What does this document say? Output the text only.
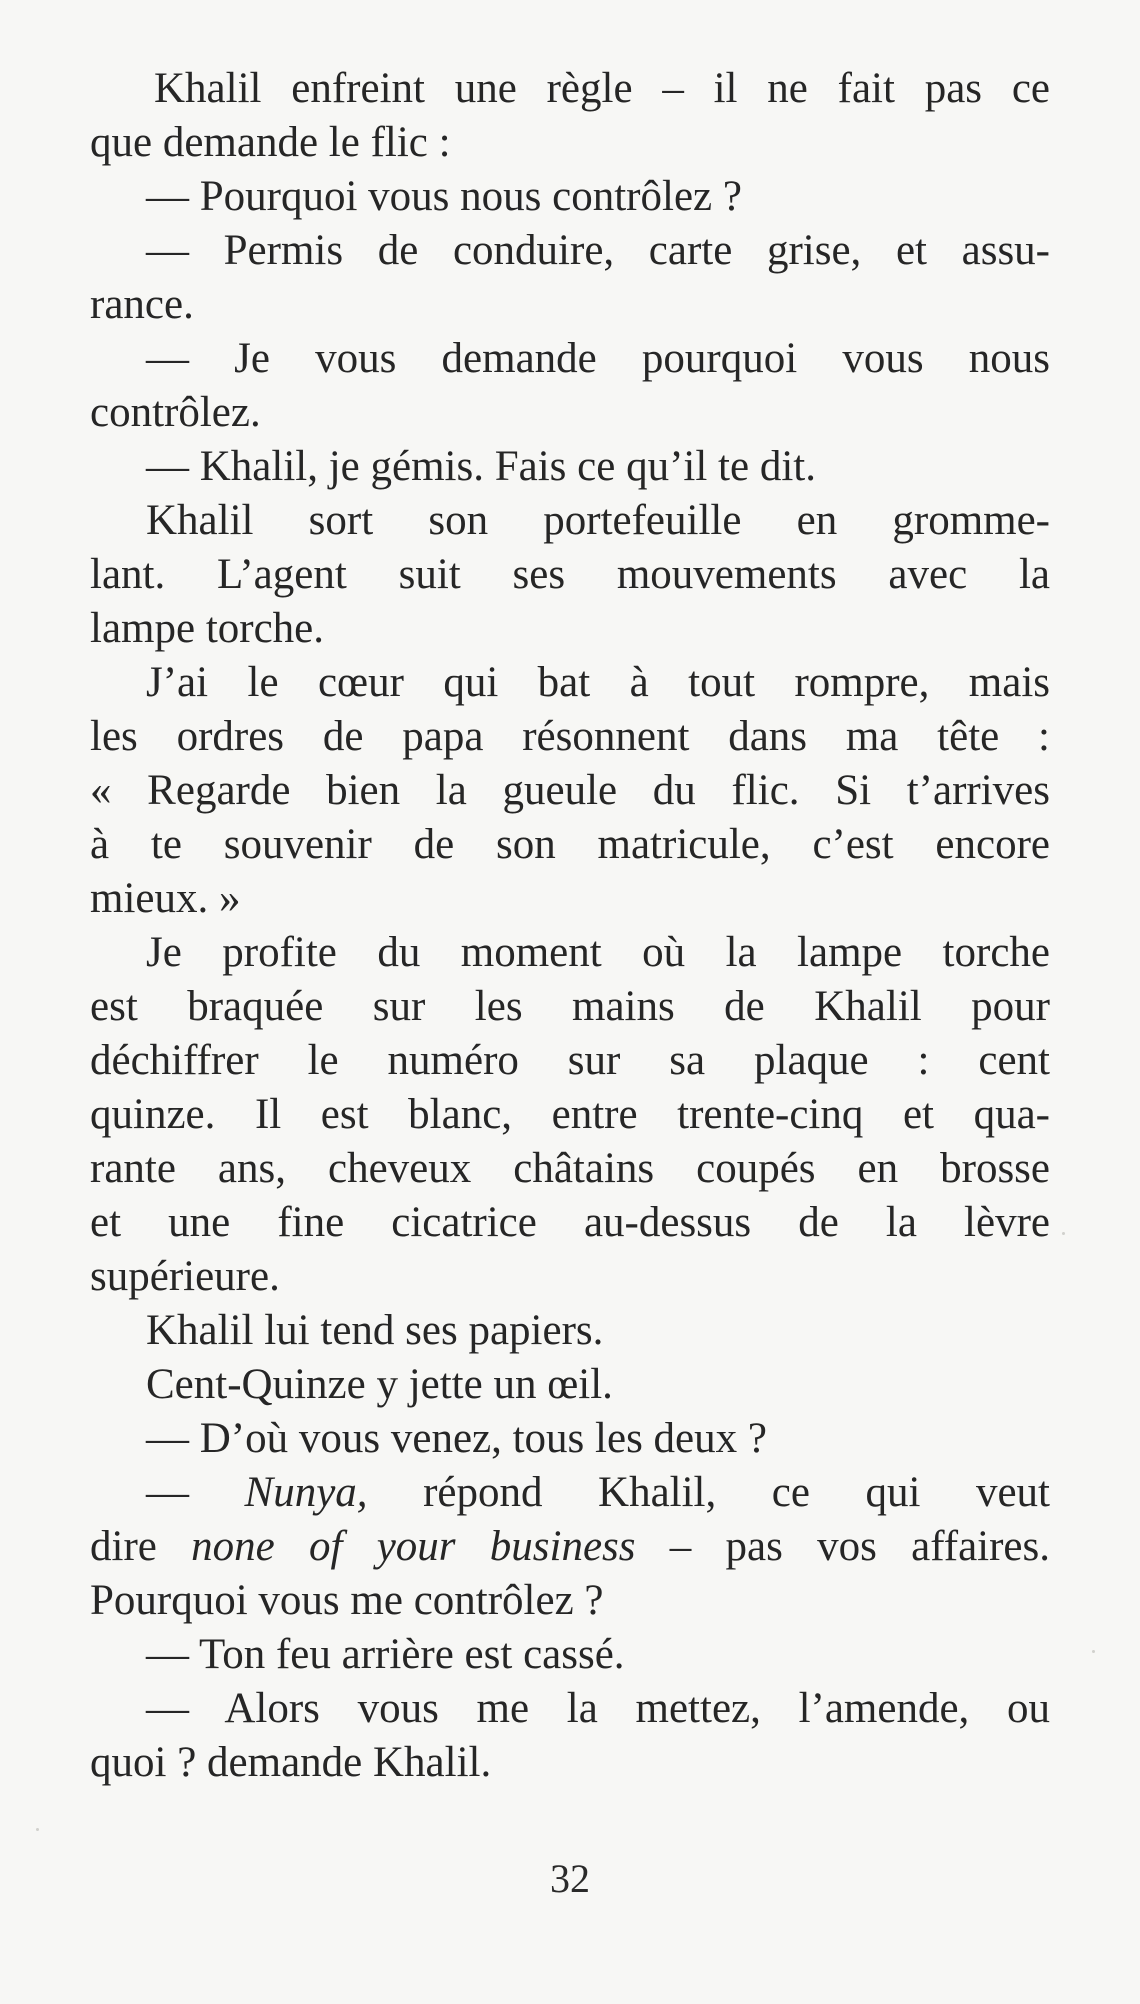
Khalil enfreint une règle – il ne fait pas ce

que demande le flic :

— Pourquoi vous nous contrôlez ?

— Permis de conduire, carte grise, et assu-

rance.

— Je vous demande pourquoi vous nous

contrôlez.

— Khalil, je gémis. Fais ce qu’il te dit.

Khalil sort son portefeuille en gromme-

lant. L’agent suit ses mouvements avec la

lampe torche.

J’ai le cœur qui bat à tout rompre, mais

les ordres de papa résonnent dans ma tête :

« Regarde bien la gueule du flic. Si t’arrives

à te souvenir de son matricule, c’est encore

mieux. »

Je profite du moment où la lampe torche

est braquée sur les mains de Khalil pour

déchiffrer le numéro sur sa plaque : cent

quinze. Il est blanc, entre trente-cinq et qua-

rante ans, cheveux châtains coupés en brosse

et une fine cicatrice au-dessus de la lèvre

supérieure.

Khalil lui tend ses papiers.

Cent-Quinze y jette un œil.

— D’où vous venez, tous les deux ?

— Nunya, répond Khalil, ce qui veut

dire none of your business – pas vos affaires.

Pourquoi vous me contrôlez ?

— Ton feu arrière est cassé.

— Alors vous me la mettez, l’amende, ou

quoi ? demande Khalil.

32
